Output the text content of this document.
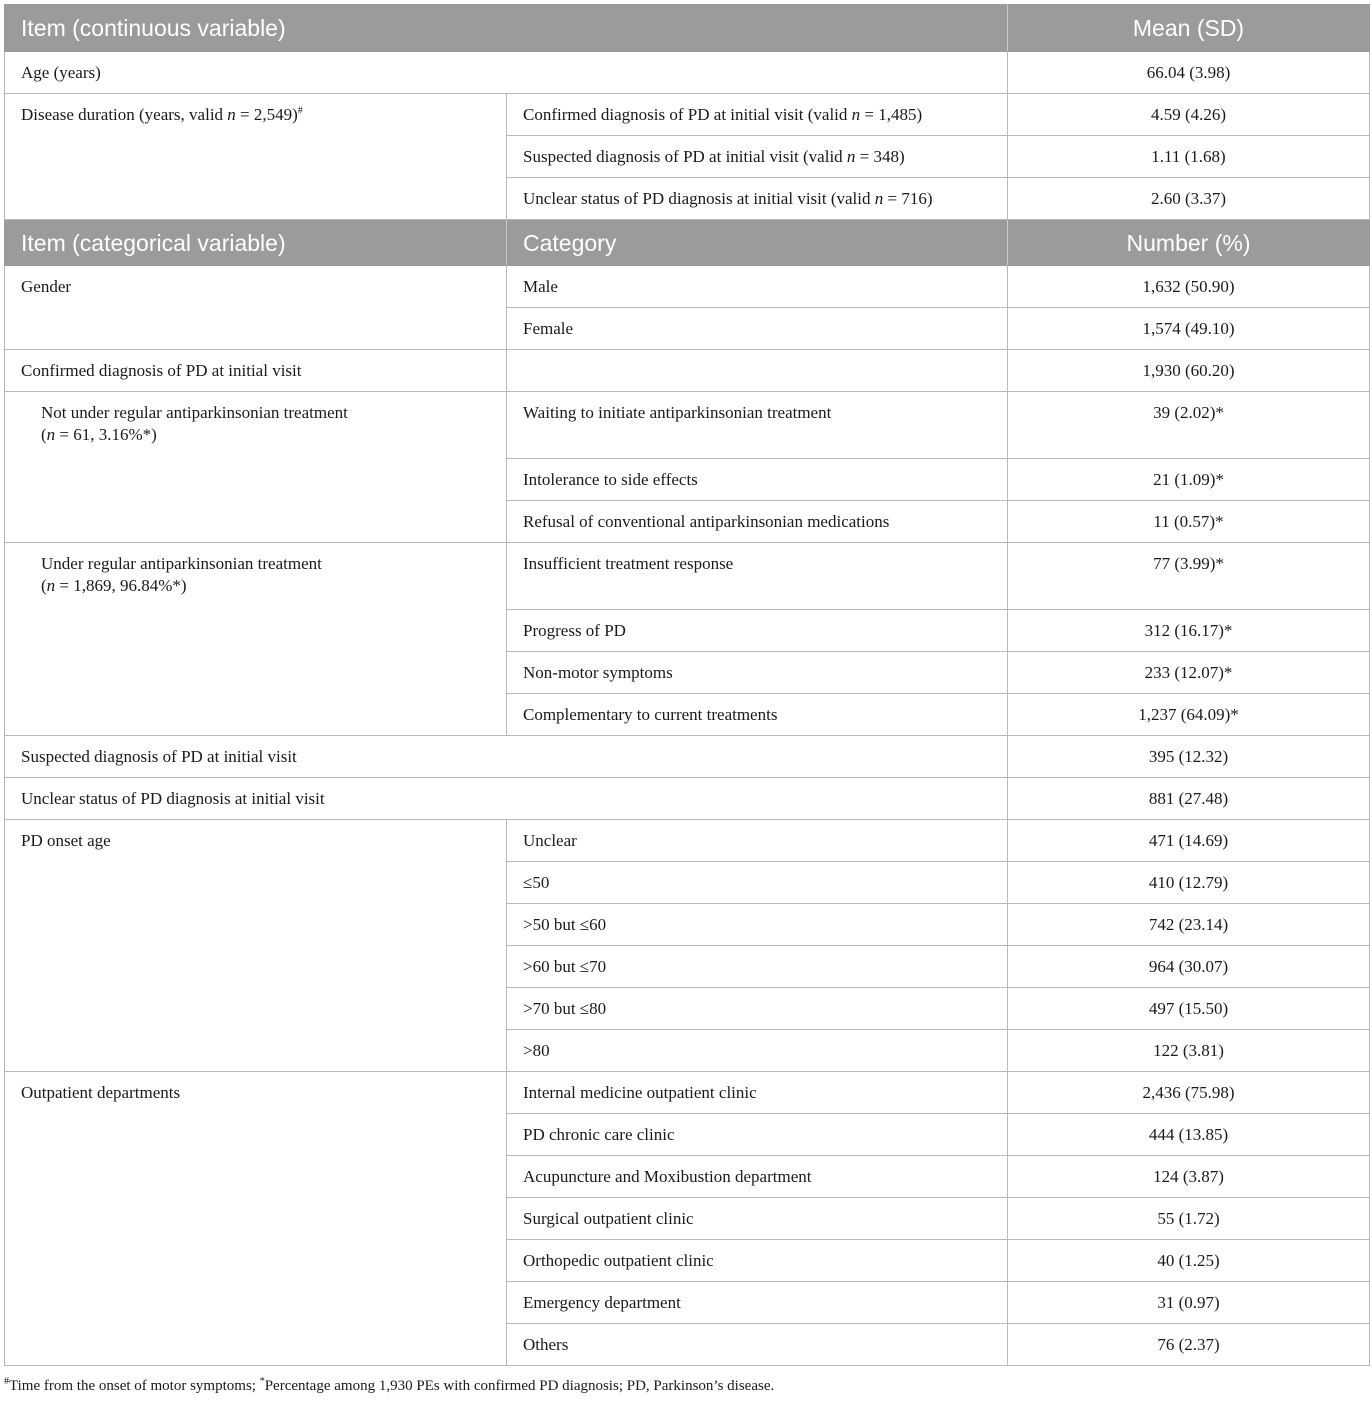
Item (continuous variable)		Mean (SD)
Age (years)		66.04 (3.98)
Disease duration (years, valid n = 2,549)#	Confirmed diagnosis of PD at initial visit (valid n = 1,485)	4.59 (4.26)
	Suspected diagnosis of PD at initial visit (valid n = 348)	1.11 (1.68)
	Unclear status of PD diagnosis at initial visit (valid n = 716)	2.60 (3.37)
Item (categorical variable)	Category	Number (%)
Gender	Male	1,632 (50.90)
	Female	1,574 (49.10)
Confirmed diagnosis of PD at initial visit		1,930 (60.20)
Not under regular antiparkinsonian treatment
(n = 61, 3.16%*)	Waiting to initiate antiparkinsonian treatment	39 (2.02)*
	Intolerance to side effects	21 (1.09)*
	Refusal of conventional antiparkinsonian medications	11 (0.57)*
Under regular antiparkinsonian treatment
(n = 1,869, 96.84%*)	Insufficient treatment response	77 (3.99)*
	Progress of PD	312 (16.17)*
	Non-motor symptoms	233 (12.07)*
	Complementary to current treatments	1,237 (64.09)*
Suspected diagnosis of PD at initial visit		395 (12.32)
Unclear status of PD diagnosis at initial visit		881 (27.48)
PD onset age	Unclear	471 (14.69)
	≤50	410 (12.79)
	>50 but ≤60	742 (23.14)
	>60 but ≤70	964 (30.07)
	>70 but ≤80	497 (15.50)
	>80	122 (3.81)
Outpatient departments	Internal medicine outpatient clinic	2,436 (75.98)
	PD chronic care clinic	444 (13.85)
	Acupuncture and Moxibustion department	124 (3.87)
	Surgical outpatient clinic	55 (1.72)
	Orthopedic outpatient clinic	40 (1.25)
	Emergency department	31 (0.97)
	Others	76 (2.37)
#Time from the onset of motor symptoms; *Percentage among 1,930 PEs with confirmed PD diagnosis; PD, Parkinson’s disease.
